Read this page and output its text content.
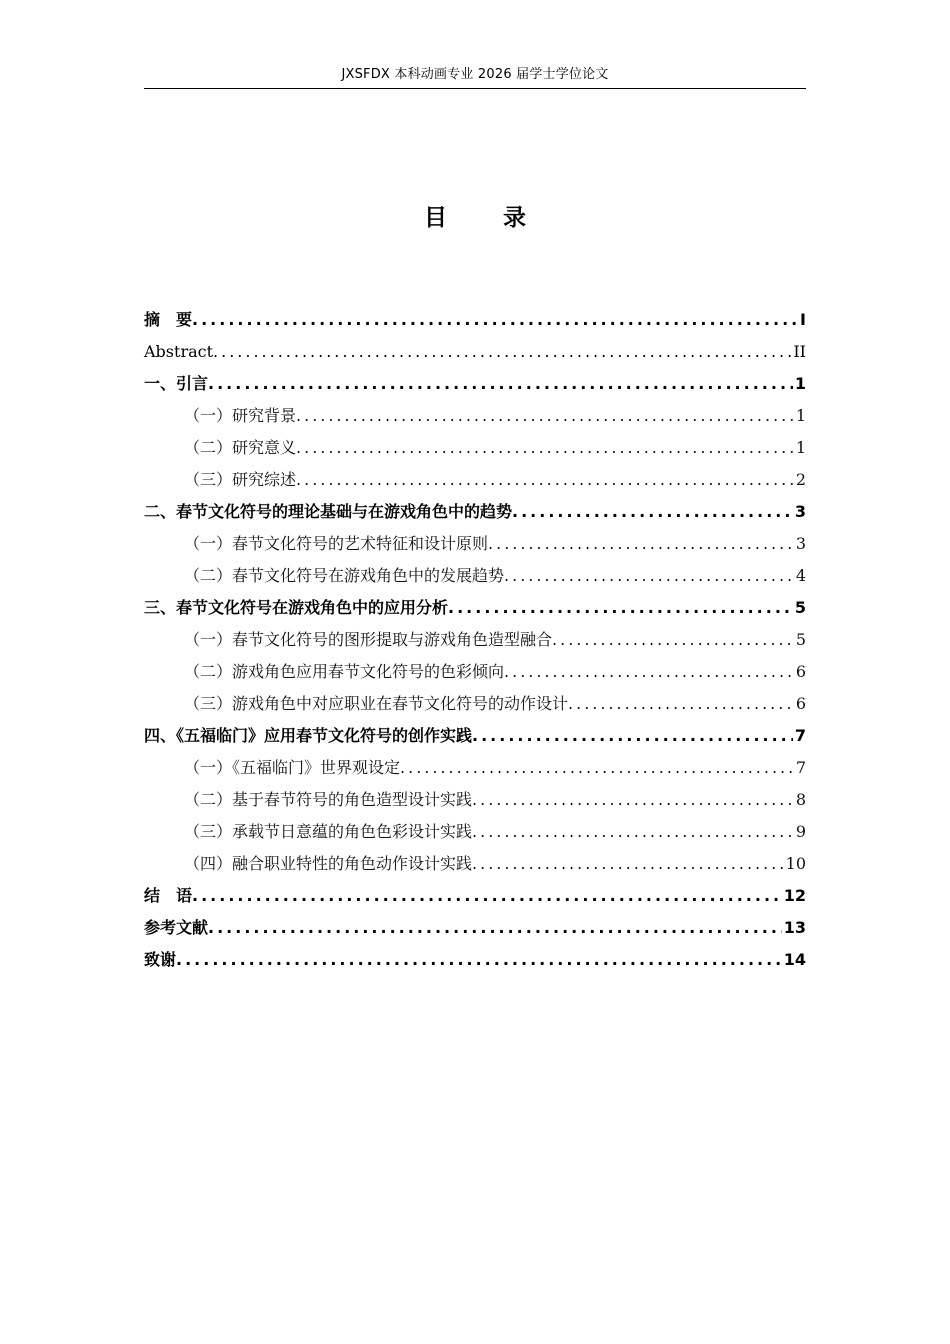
JXSFDX 本科动画专业 2026 届学士学位论文
目 录
摘　要 .....	I
Abstract .....	II
一、引言 .....	1
（一）研究背景 .....	1
（二）研究意义 .....	1
（三）研究综述 .....	2
二、春节文化符号的理论基础与在游戏角色中的趋势 .....	3
（一）春节文化符号的艺术特征和设计原则 .....	3
（二）春节文化符号在游戏角色中的发展趋势 .....	4
三、春节文化符号在游戏角色中的应用分析 .....	5
（一）春节文化符号的图形提取与游戏角色造型融合 .....	5
（二）游戏角色应用春节文化符号的色彩倾向 .....	6
（三）游戏角色中对应职业在春节文化符号的动作设计 .....	6
四、《五福临门》应用春节文化符号的创作实践 .....	7
（一）《五福临门》世界观设定 .....	7
（二）基于春节符号的角色造型设计实践 .....	8
（三）承载节日意蕴的角色色彩设计实践 .....	9
（四）融合职业特性的角色动作设计实践 .....	10
结　语 .....	12
参考文献 .....	13
致谢 .....	14
